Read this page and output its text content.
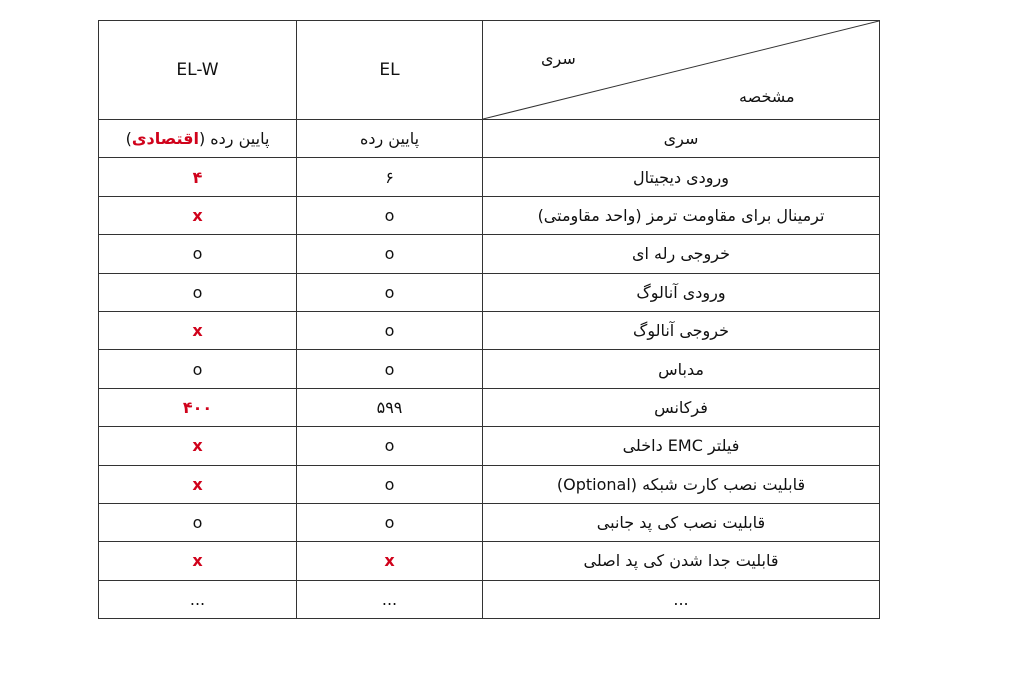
EL-W	EL	سری
مشخصه

پایین رده (اقتصادی)	پایین رده	سری
۴	۶	ورودی دیجیتال
x	o	ترمینال برای مقاومت ترمز (واحد مقاومتی)
o	o	خروجی رله ای
o	o	ورودی آنالوگ
x	o	خروجی آنالوگ
o	o	مدباس
۴۰۰	۵۹۹	فرکانس
x	o	فیلتر EMC داخلی
x	o	قابلیت نصب کارت شبکه (Optional)
o	o	قابلیت نصب کی پد جانبی
x	x	قابلیت جدا شدن کی پد اصلی
...	...	...
